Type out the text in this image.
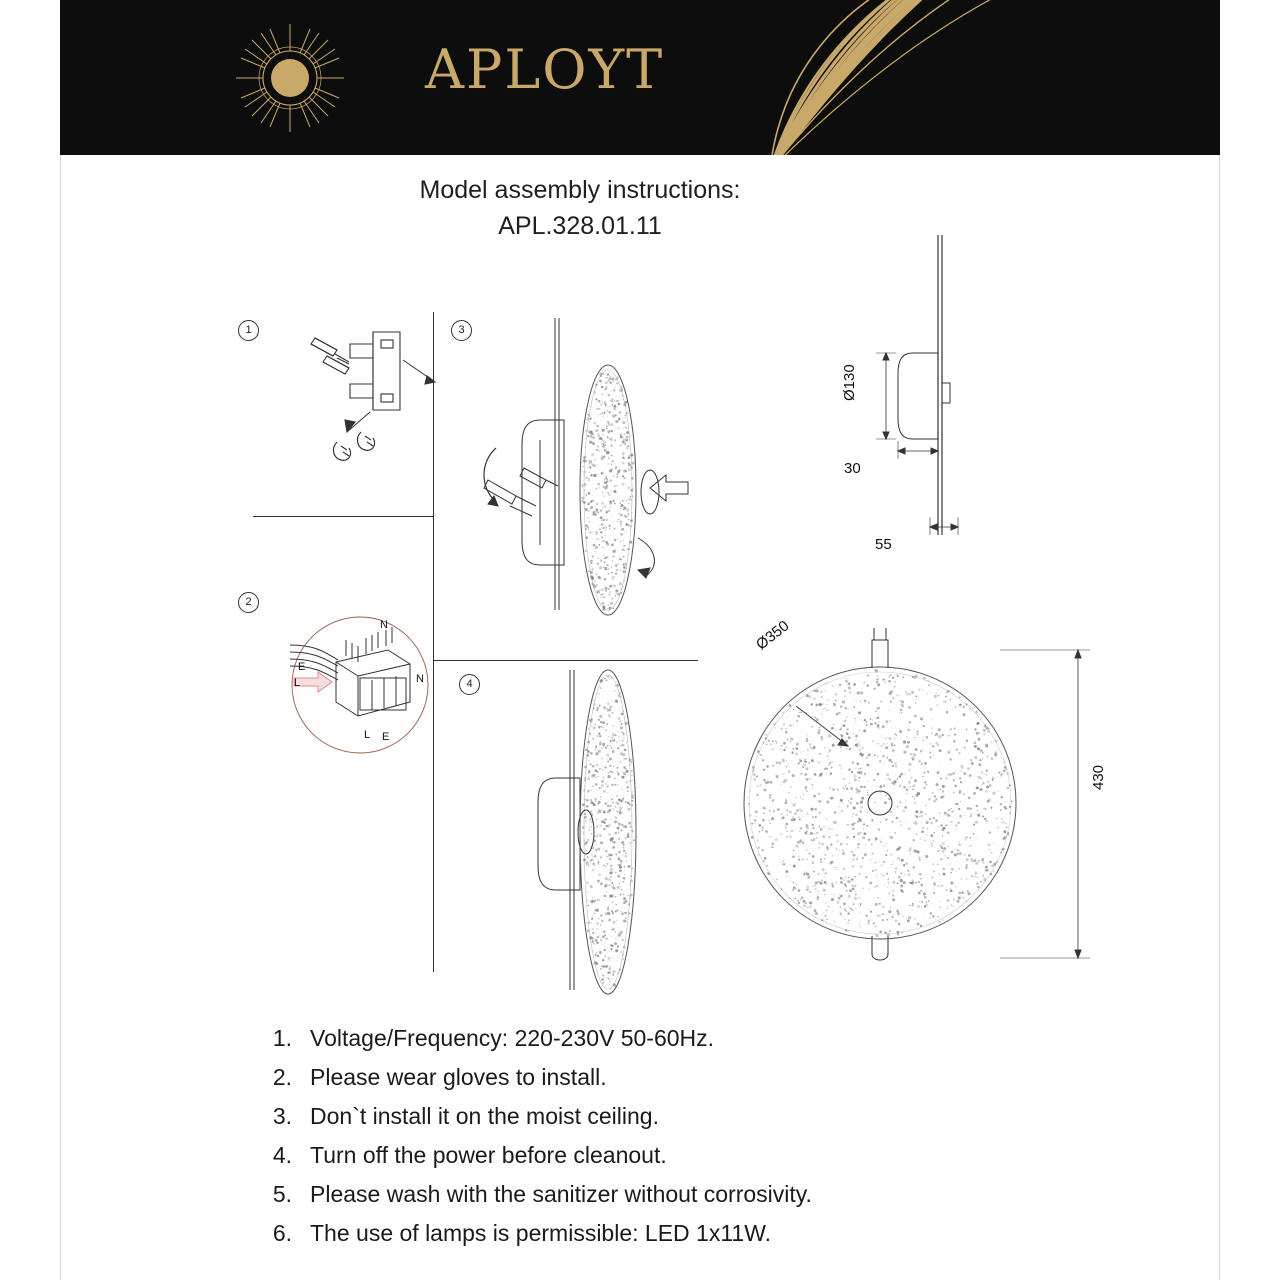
APLOYT
Model assembly instructions:
APL.328.01.11
1
2
3
4
N
E
L	N
L E
Ø130
30
55
Ø350
430
1. Voltage/Frequency: 220-230V 50-60Hz.
2. Please wear gloves to install.
3. Don`t install it on the moist ceiling.
4. Turn off the power before cleanout.
5. Please wash with the sanitizer without corrosivity.
6. The use of lamps is permissible: LED 1x11W.
